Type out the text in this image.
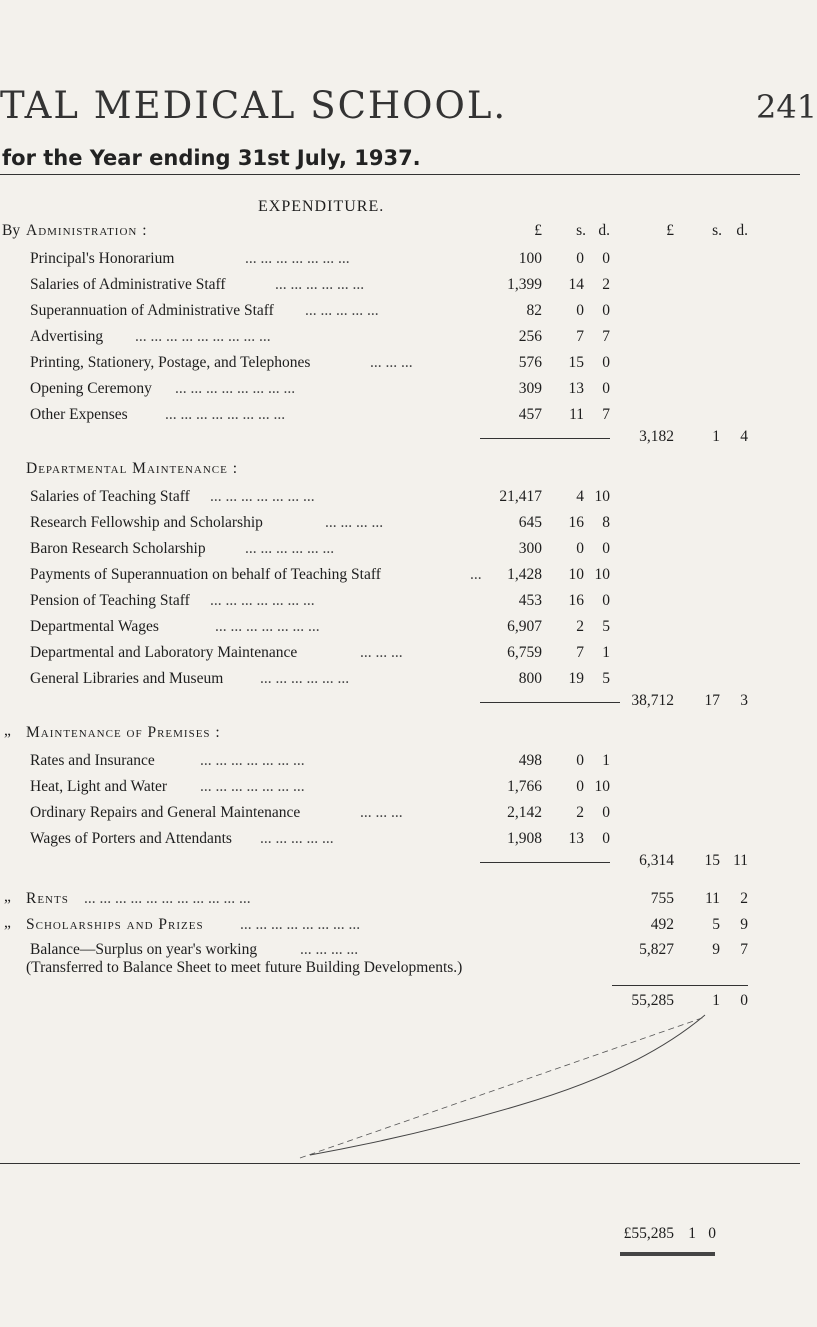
TAL MEDICAL SCHOOL.	241
for the Year ending 31st July, 1937.
EXPENDITURE.
£	s. d.	£	s. d.
By Administration :
Principal's Honorarium	... ... ... ... ... ... ...	100	0	0
Salaries of Administrative Staff	... ... ... ... ... ...	1,399	14	2
Superannuation of Administrative Staff ... ... ... ... ...	82	0	0
Advertising ... ... ... ... ... ... ... ... ...	256	7	7
Printing, Stationery, Postage, and Telephones	... ... ...	576	15	0
Opening Ceremony ... ... ... ... ... ... ... ...	309	13	0
Other Expenses ... ... ... ... ... ... ... ...	457	11	7
3,182	1	4
Departmental Maintenance :
Salaries of Teaching Staff ... ... ... ... ... ... ...	21,417	4 10
Research Fellowship and Scholarship	... ... ... ...	645	16	8
Baron Research Scholarship	... ... ... ... ... ...	300	0	0
Payments of Superannuation on behalf of Teaching Staff	...	1,428	10 10
Pension of Teaching Staff ... ... ... ... ... ... ...	453	16	0
Departmental Wages	... ... ... ... ... ... ...	6,907	2	5
Departmental and Laboratory Maintenance	... ... ...	6,759	7	1
General Libraries and Museum ... ... ... ... ... ...	800	19	5
38,712	17	3
„ Maintenance of Premises :
Rates and Insurance	... ... ... ... ... ... ...	498	0	1
Heat, Light and Water ... ... ... ... ... ... ...	1,766	0 10
Ordinary Repairs and General Maintenance	... ... ...	2,142	2	0
Wages of Porters and Attendants ... ... ... ... ...	1,908	13	0
6,314	15 11
„ Rents ... ... ... ... ... ... ... ... ... ... ...	755	11	2
„ Scholarships and Prizes ... ... ... ... ... ... ... ...	492	5	9
Balance—Surplus on year's working	... ... ... ...
(Transferred to Balance Sheet to meet future Building Developments.)
5,827	9	7
55,285	1	0
£55,285 1 0
